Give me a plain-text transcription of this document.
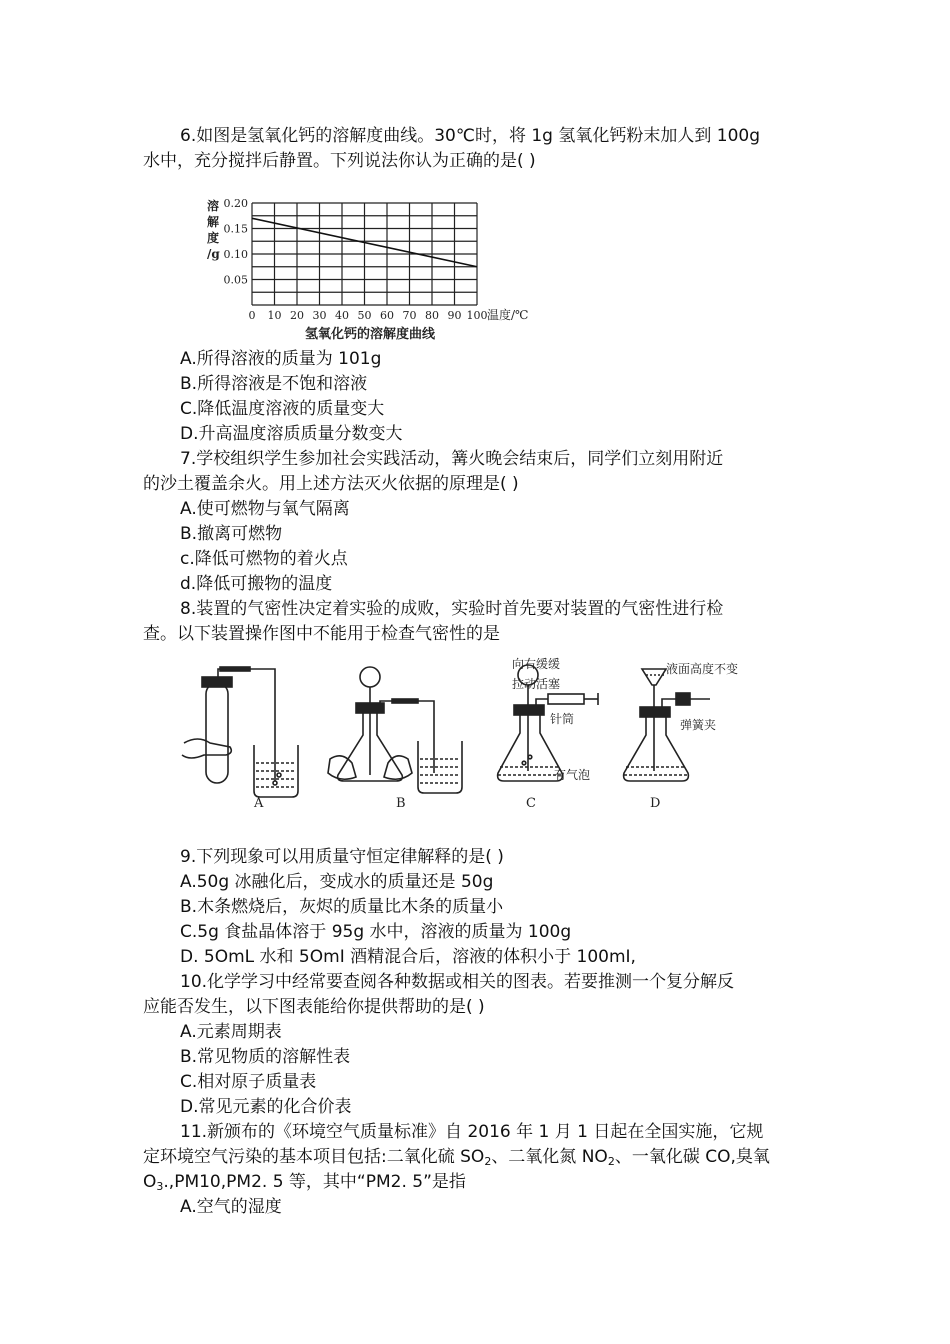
6.如图是氢氧化钙的溶解度曲线。30℃时，将 1g 氢氧化钙粉末加人到 100g
水中，充分搅拌后静置。下列说法你认为正确的是( )
溶
解
度
/g
0.20
0.15
0.10
0.05
0 10 20 30 40 50 60 70 80 90 100 温度/℃
氢氧化钙的溶解度曲线
A.所得溶液的质量为 101g
B.所得溶液是不饱和溶液
C.降低温度溶液的质量变大
D.升高温度溶质质量分数变大
7.学校组织学生参加社会实践活动，篝火晚会结束后，同学们立刻用附近
的沙土覆盖余火。用上述方法灭火依据的原理是( )
A.使可燃物与氧气隔离
B.撤离可燃物
c.降低可燃物的着火点
d.降低可搬物的温度
8.装置的气密性决定着实验的成败，实验时首先要对装置的气密性进行检
查。以下装置操作图中不能用于检查气密性的是
A	B
向右缓缓
拉动活塞
针筒
有气泡
C
液面高度不变
弹簧夹
D
9.下列现象可以用质量守恒定律解释的是( )
A.50g 冰融化后，变成水的质量还是 50g
B.木条燃烧后，灰烬的质量比木条的质量小
C.5g 食盐晶体溶于 95g 水中，溶液的质量为 100g
D. 5OmL 水和 5OmI 酒精混合后，溶液的体积小于 100mI,
10.化学学习中经常要查阅各种数据或相关的图表。若要推测一个复分解反
应能否发生，以下图表能给你提供帮助的是( )
A.元素周期表
B.常见物质的溶解性表
C.相对原子质量表
D.常见元素的化合价表
11.新颁布的《环境空气质量标准》自 2016 年 1 月 1 日起在全国实施，它规
定环境空气污染的基本项目包括:二氧化硫 $SO_2$、二氧化氮 $NO_2$、一氧化碳 CO,臭氧
$O_3.,PM10,PM2$. 5 等，其中“PM2. 5”是指
A.空气的湿度
